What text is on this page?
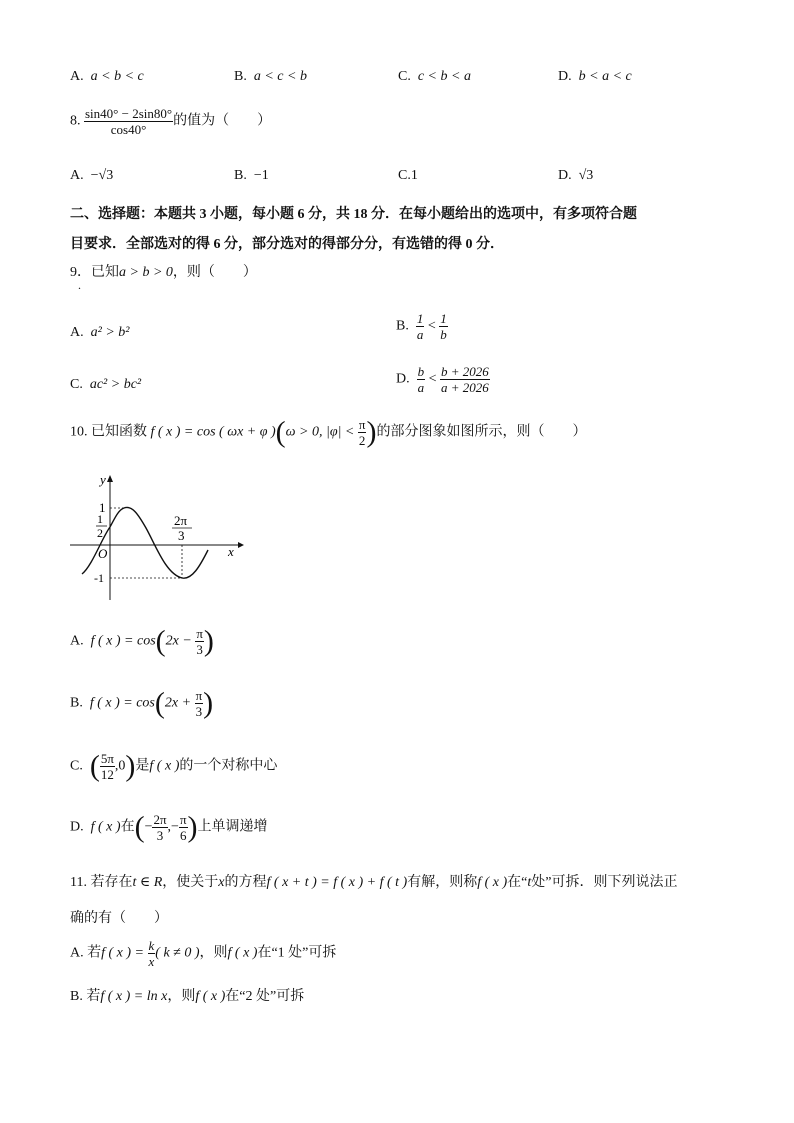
A. a < b < c	B. a < c < b	C. c < b < a	D. b < a < c
8. $\frac{\sin 40^\circ - 2\sin 80^\circ}{\cos 40^\circ}$ 的值为（　　）
A. −√3	B. −1	C.1	D. √3
二、选择题：本题共 3 小题，每小题 6 分，共 18 分．在每小题给出的选项中，有多项符合题
目要求．全部选对的得 6 分，部分选对的得部分分，有选错的得 0 分．
9．已知a > b > 0，则（　　）
.
A. a² > b²	B. $\frac{1}{a} < \frac{1}{b}$
C. ac² > bc²	D. $\frac{b}{a} < \frac{b + 2026}{a + 2026}$
10. 已知函数 f ( x ) = cos ( ωx + φ )(ω > 0, $|\varphi| < \frac{\pi}{2}$ )的部分图象如图所示，则（　　）
y
x
O
1
1
2
-1
2π
3
A. f ( x ) = $\cos(2x - \frac{\pi}{3}$ )
B. f ( x ) = $\cos(2x + \frac{\pi}{3}$ )
C. ( $\frac{5\pi}{12} ,0$)是f ( x )的一个对称中心
D. f ( x )在(− $\frac{2\pi}{3}$ ,− $\frac{\pi}{6}$ )上单调递增
11. 若存在t ∈ R，使关于x的方程f ( x + t ) = f ( x ) + f ( t )有解，则称f ( x )在“t处”可拆．则下列说法正
确的有（　　）
A. 若f ( x ) = $\frac{k}{x}$ ( k ≠ 0 )，则f ( x )在“1 处”可拆
B. 若f ( x ) = ln x，则f ( x )在“2 处”可拆
